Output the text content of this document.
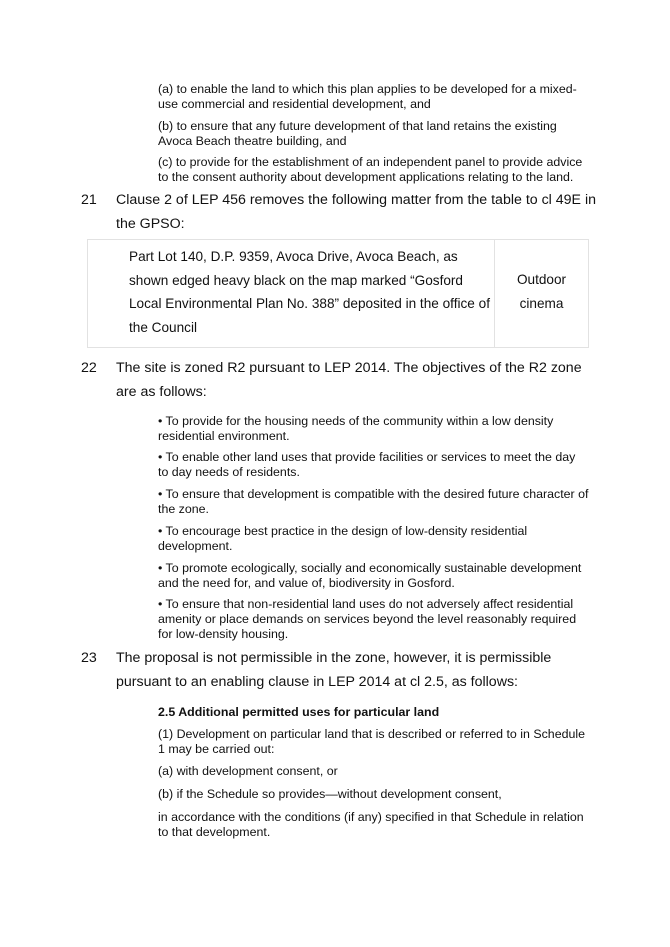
(a) to enable the land to which this plan applies to be developed for a mixed-use commercial and residential development, and

(b) to ensure that any future development of that land retains the existing Avoca Beach theatre building, and

(c) to provide for the establishment of an independent panel to provide advice to the consent authority about development applications relating to the land.

21 Clause 2 of LEP 456 removes the following matter from the table to cl 49E in the GPSO:

Part Lot 140, D.P. 9359, Avoca Drive, Avoca Beach, as shown edged heavy black on the map marked “Gosford Local Environmental Plan No. 388” deposited in the office of the Council
Outdoor cinema
22 The site is zoned R2 pursuant to LEP 2014. The objectives of the R2 zone are as follows:

• To provide for the housing needs of the community within a low density residential environment.

• To enable other land uses that provide facilities or services to meet the day to day needs of residents.

• To ensure that development is compatible with the desired future character of the zone.

• To encourage best practice in the design of low-density residential development.

• To promote ecologically, socially and economically sustainable development and the need for, and value of, biodiversity in Gosford.

• To ensure that non-residential land uses do not adversely affect residential amenity or place demands on services beyond the level reasonably required for low-density housing.

23 The proposal is not permissible in the zone, however, it is permissible pursuant to an enabling clause in LEP 2014 at cl 2.5, as follows:

2.5 Additional permitted uses for particular land

(1) Development on particular land that is described or referred to in Schedule 1 may be carried out:

(a) with development consent, or

(b) if the Schedule so provides—without development consent,

in accordance with the conditions (if any) specified in that Schedule in relation to that development.
